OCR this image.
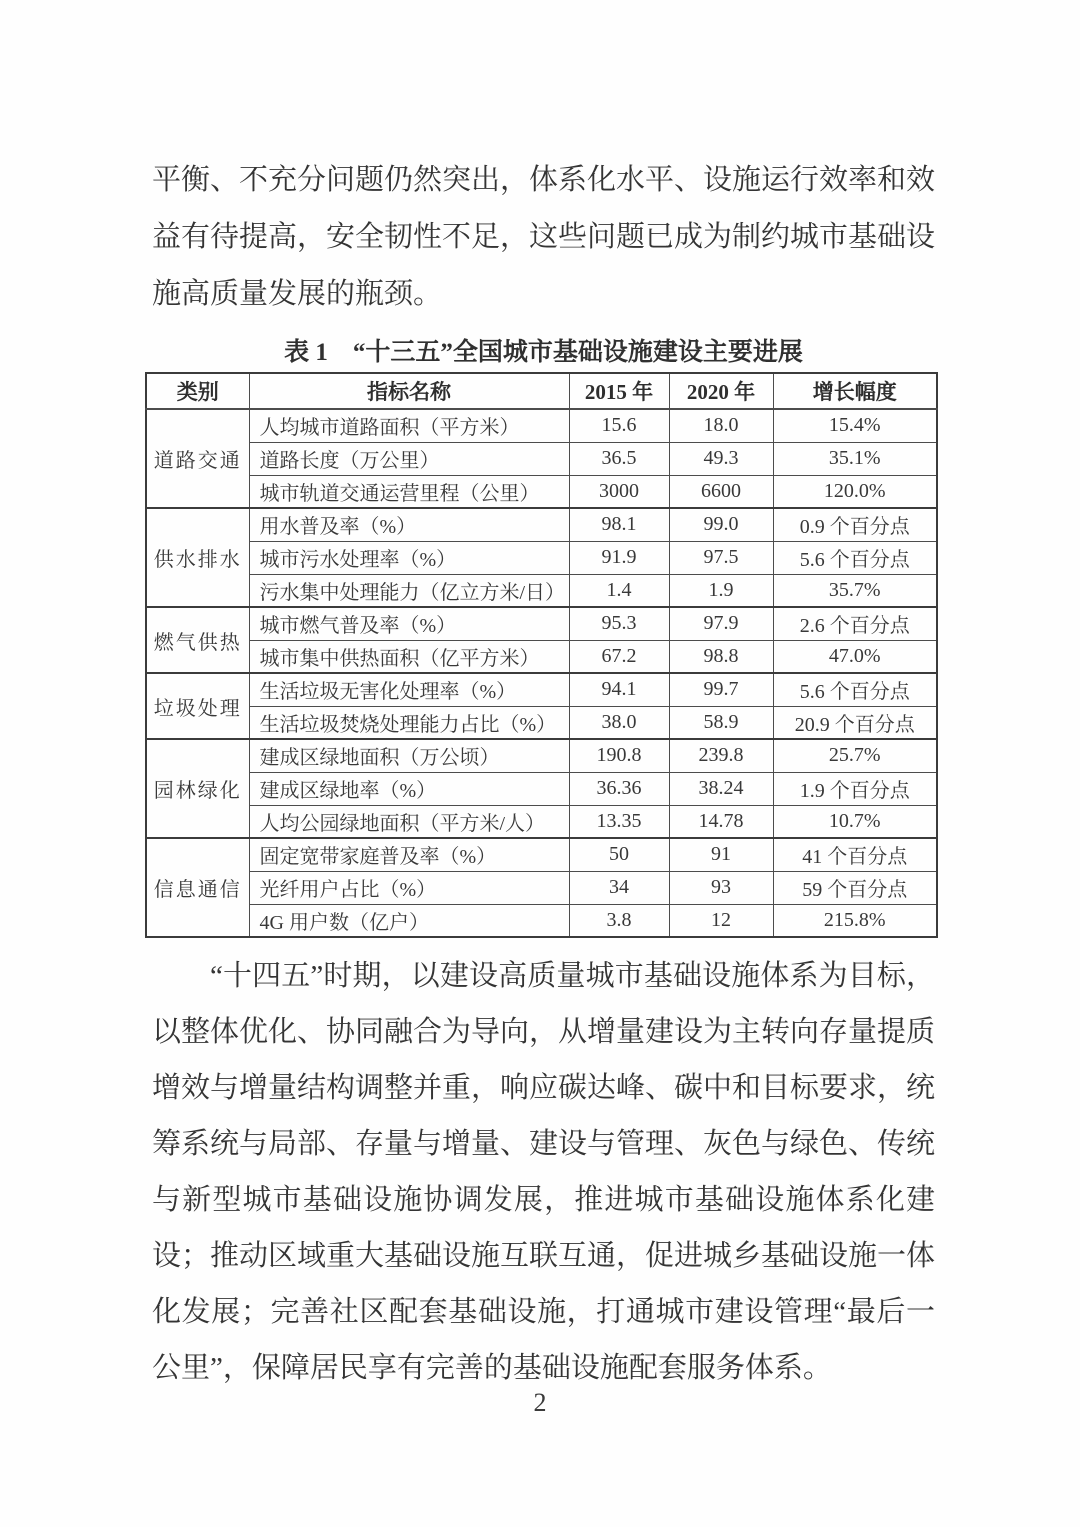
平衡、不充分问题仍然突出，体系化水平、设施运行效率和效
益有待提高，安全韧性不足，这些问题已成为制约城市基础设
施高质量发展的瓶颈。
表 1　“十三五”全国城市基础设施建设主要进展
类别	指标名称	2015 年	2020 年	增长幅度
道路交通	人均城市道路面积（平方米）	15.6	18.0	15.4%
	道路长度（万公里）	36.5	49.3	35.1%
	城市轨道交通运营里程（公里）	3000	6600	120.0%
供水排水	用水普及率（%）	98.1	99.0	0.9 个百分点
	城市污水处理率（%）	91.9	97.5	5.6 个百分点
	污水集中处理能力（亿立方米/日）	1.4	1.9	35.7%
燃气供热	城市燃气普及率（%）	95.3	97.9	2.6 个百分点
	城市集中供热面积（亿平方米）	67.2	98.8	47.0%
垃圾处理	生活垃圾无害化处理率（%）	94.1	99.7	5.6 个百分点
	生活垃圾焚烧处理能力占比（%）	38.0	58.9	20.9 个百分点
园林绿化	建成区绿地面积（万公顷）	190.8	239.8	25.7%
	建成区绿地率（%）	36.36	38.24	1.9 个百分点
	人均公园绿地面积（平方米/人）	13.35	14.78	10.7%
信息通信	固定宽带家庭普及率（%）	50	91	41 个百分点
	光纤用户占比（%）	34	93	59 个百分点
	4G 用户数（亿户）	3.8	12	215.8%
“十四五”时期，以建设高质量城市基础设施体系为目标，
以整体优化、协同融合为导向，从增量建设为主转向存量提质
增效与增量结构调整并重，响应碳达峰、碳中和目标要求，统
筹系统与局部、存量与增量、建设与管理、灰色与绿色、传统
与新型城市基础设施协调发展，推进城市基础设施体系化建
设；推动区域重大基础设施互联互通，促进城乡基础设施一体
化发展；完善社区配套基础设施，打通城市建设管理“最后一
公里”，保障居民享有完善的基础设施配套服务体系。
2
